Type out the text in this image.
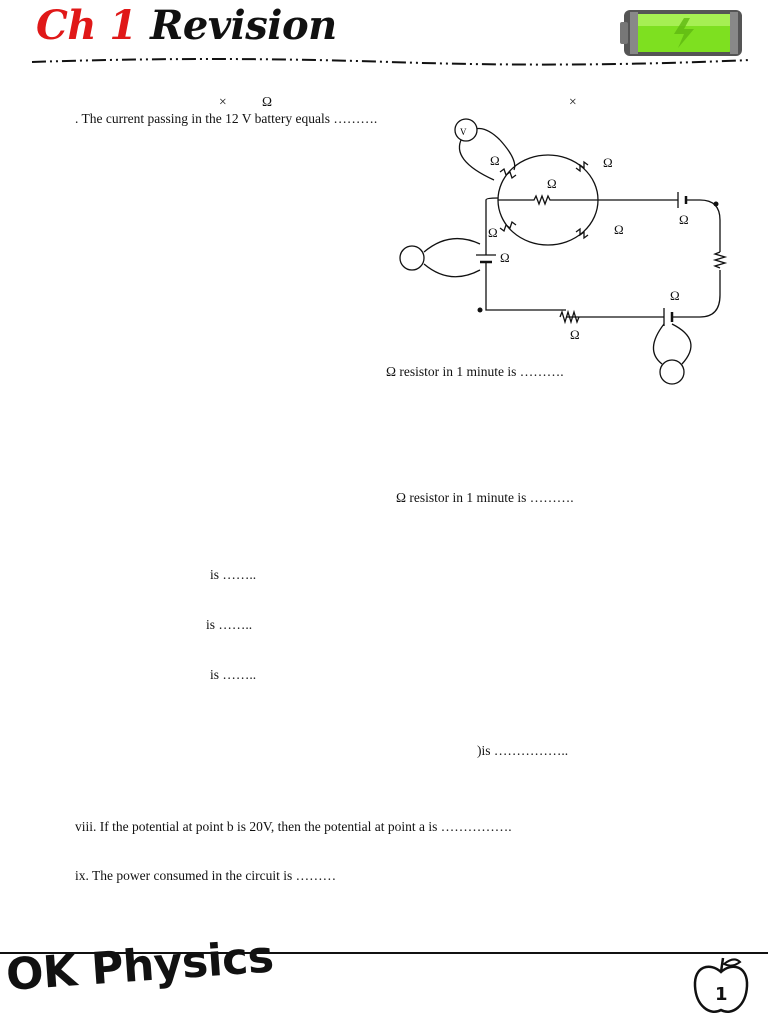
Ch 1 Revision
×	Ω	×
. The current passing in the 12 V battery equals ……….
Ω resistor in 1 minute is ……….
Ω resistor in 1 minute is ……….
is ……..
is ……..
is ……..
)is ……………..
viii. If the potential at point b is 20V, then the potential at point a is …………….
ix. The power consumed in the circuit is ………
V
Ω	Ω
Ω
Ω
Ω	Ω
Ω
Ω
Ω
OK Physics	1
